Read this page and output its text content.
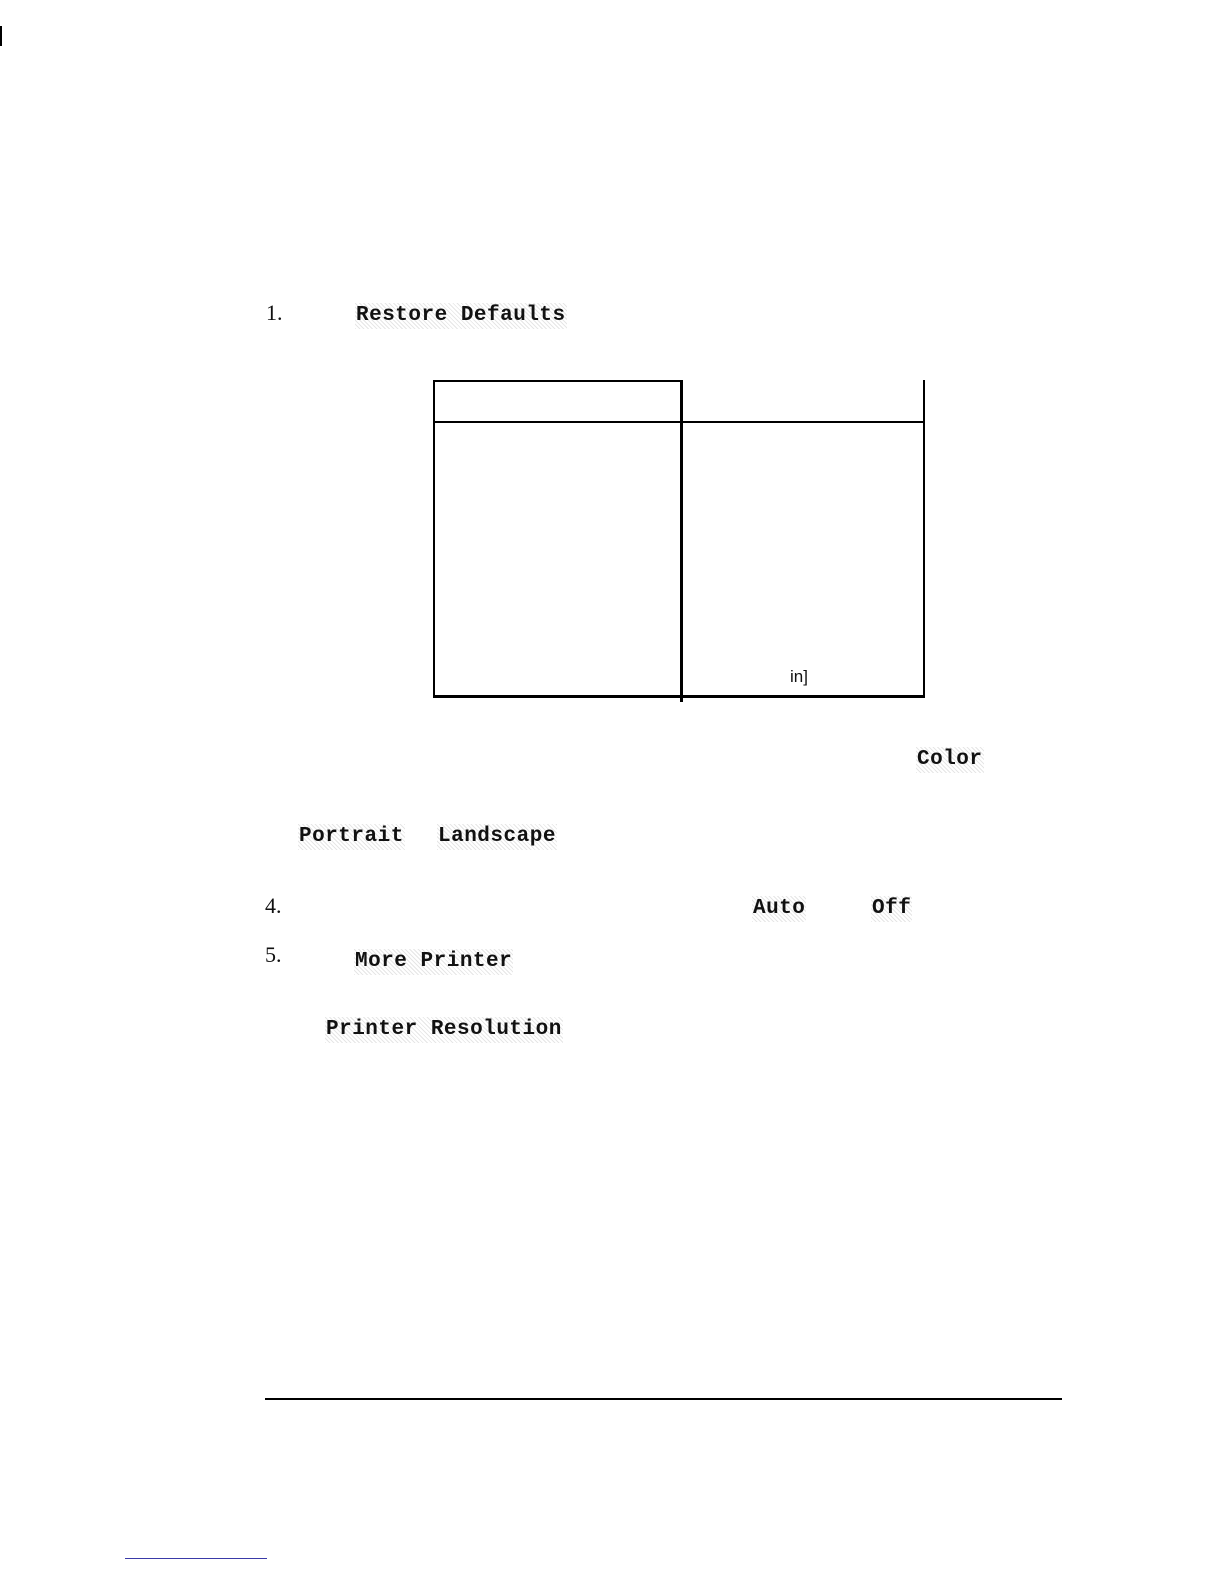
1.	Restore Defaults
in]
Color
Portrait Landscape
4.	Auto	Off
5.	More Printer
Printer Resolution
